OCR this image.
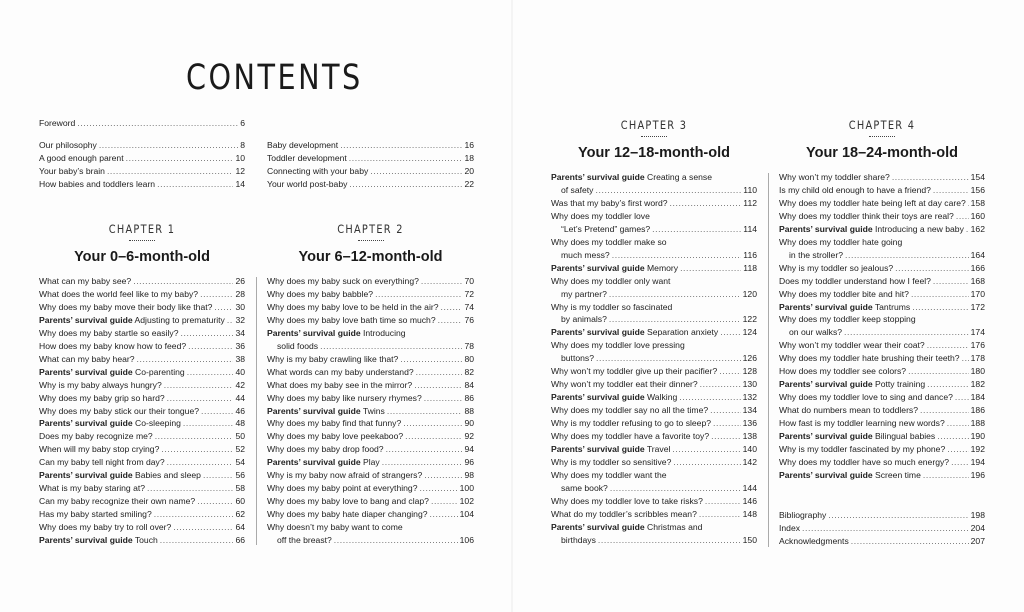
CONTENTS
Foreword .....	6
Our philosophy .....	8
A good enough parent .....	10
Your baby’s brain .....	12
How babies and toddlers learn .....	14
Baby development .....	16
Toddler development .....	18
Connecting with your baby .....	20
Your world post-baby .....	22
CHAPTER 1
Your 0–6-month-old
What can my baby see? .....	26
What does the world feel like to my baby? .....	28
Why does my baby move their body like that? .....	30
Parents’ survival guide Adjusting to prematurity ..... 32
Why does my baby startle so easily? .....	34
How does my baby know how to feed? .....	36
What can my baby hear? .....	38
Parents’ survival guide Co-parenting .....	40
Why is my baby always hungry? .....	42
Why does my baby grip so hard? .....	44
Why does my baby stick our their tongue? .....	46
Parents’ survival guide Co-sleeping .....	48
Does my baby recognize me? .....	50
When will my baby stop crying? .....	52
Can my baby tell night from day? .....	54
Parents’ survival guide Babies and sleep .....	56
What is my baby staring at? .....	58
Can my baby recognize their own name? .....	60
Has my baby started smiling? .....	62
Why does my baby try to roll over? .....	64
Parents’ survival guide Touch .....	66
CHAPTER 2
Your 6–12-month-old
Why does my baby suck on everything? .....	70
Why does my baby babble? .....	72
Why does my baby love to be held in the air? .....	74
Why does my baby love bath time so much? .....	76
Parents’ survival guide Introducing
solid foods .....	78
Why is my baby crawling like that? .....	80
What words can my baby understand? .....	82
What does my baby see in the mirror? .....	84
Why does my baby like nursery rhymes? .....	86
Parents’ survival guide Twins .....	88
Why does my baby find that funny? .....	90
Why does my baby love peekaboo? .....	92
Why does my baby drop food? .....	94
Parents’ survival guide Play .....	96
Why is my baby now afraid of strangers? .....	98
Why does my baby point at everything? .....	100
Why does my baby love to bang and clap? .....	102
Why does my baby hate diaper changing? .....	104
Why doesn’t my baby want to come
off the breast? .....	106
CHAPTER 3
Your 12–18-month-old
Parents’ survival guide Creating a sense
of safety .....	110
Was that my baby’s first word? .....	112
Why does my toddler love
“Let’s Pretend” games? .....	114
Why does my toddler make so
much mess? .....	116
Parents’ survival guide Memory .....	118
Why does my toddler only want
my partner? .....	120
Why is my toddler so fascinated
by animals? .....	122
Parents’ survival guide Separation anxiety .....	124
Why does my toddler love pressing
buttons? .....	126
Why won’t my toddler give up their pacifier? .....	128
Why won’t my toddler eat their dinner? .....	130
Parents’ survival guide Walking .....	132
Why does my toddler say no all the time? .....	134
Why is my toddler refusing to go to sleep? .....	136
Why does my toddler have a favorite toy? .....	138
Parents’ survival guide Travel .....	140
Why is my toddler so sensitive? .....	142
Why does my toddler want the
same book? .....	144
Why does my toddler love to take risks? .....	146
What do my toddler’s scribbles mean? .....	148
Parents’ survival guide Christmas and
birthdays .....	150
CHAPTER 4
Your 18–24-month-old
Why won’t my toddler share? .....	154
Is my child old enough to have a friend? .....	156
Why does my toddler hate being left at day care? ..... 158
Why does my toddler think their toys are real? ..... 160
Parents’ survival guide Introducing a new baby ..... 162
Why does my toddler hate going
in the stroller? .....	164
Why is my toddler so jealous? .....	166
Does my toddler understand how I feel? .....	168
Why does my toddler bite and hit? .....	170
Parents’ survival guide Tantrums .....	172
Why does my toddler keep stopping
on our walks? .....	174
Why won’t my toddler wear their coat? .....	176
Why does my toddler hate brushing their teeth? ..... 178
How does my toddler see colors? .....	180
Parents’ survival guide Potty training .....	182
Why does my toddler love to sing and dance? ..... 184
What do numbers mean to toddlers? .....	186
How fast is my toddler learning new words? .....	188
Parents’ survival guide Bilingual babies .....	190
Why is my toddler fascinated by my phone? .....	192
Why does my toddler have so much energy? .....	194
Parents’ survival guide Screen time .....	196
Bibliography .....	198
Index .....	204
Acknowledgments .....	207
